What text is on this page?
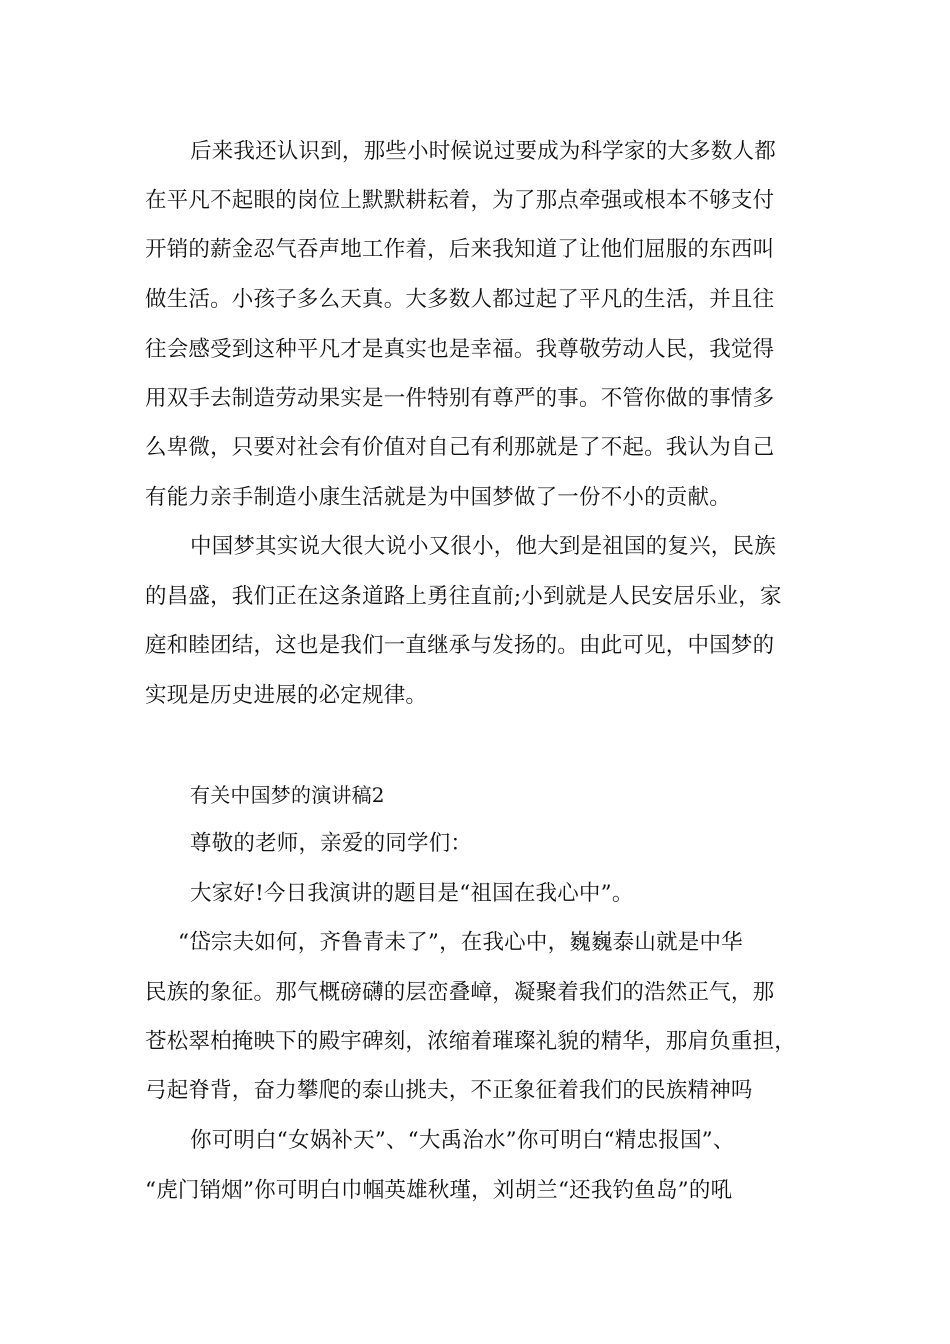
后来我还认识到，那些小时候说过要成为科学家的大多数人都
在平凡不起眼的岗位上默默耕耘着，为了那点牵强或根本不够支付
开销的薪金忍气吞声地工作着，后来我知道了让他们屈服的东西叫
做生活。小孩子多么天真。大多数人都过起了平凡的生活，并且往
往会感受到这种平凡才是真实也是幸福。我尊敬劳动人民，我觉得
用双手去制造劳动果实是一件特别有尊严的事。不管你做的事情多
么卑微，只要对社会有价值对自己有利那就是了不起。我认为自己
有能力亲手制造小康生活就是为中国梦做了一份不小的贡献。
中国梦其实说大很大说小又很小，他大到是祖国的复兴，民族
的昌盛，我们正在这条道路上勇往直前;小到就是人民安居乐业，家
庭和睦团结，这也是我们一直继承与发扬的。由此可见，中国梦的
实现是历史进展的必定规律。
有关中国梦的演讲稿2
尊敬的老师，亲爱的同学们：
大家好!今日我演讲的题目是“祖国在我心中”。
“岱宗夫如何，齐鲁青未了”，在我心中，巍巍泰山就是中华
民族的象征。那气概磅礴的层峦叠嶂，凝聚着我们的浩然正气，那
苍松翠柏掩映下的殿宇碑刻，浓缩着璀璨礼貌的精华，那肩负重担，
弓起脊背，奋力攀爬的泰山挑夫，不正象征着我们的民族精神吗
你可明白“女娲补天”、“大禹治水”你可明白“精忠报国”、
“虎门销烟”你可明白巾帼英雄秋瑾，刘胡兰“还我钓鱼岛”的吼
